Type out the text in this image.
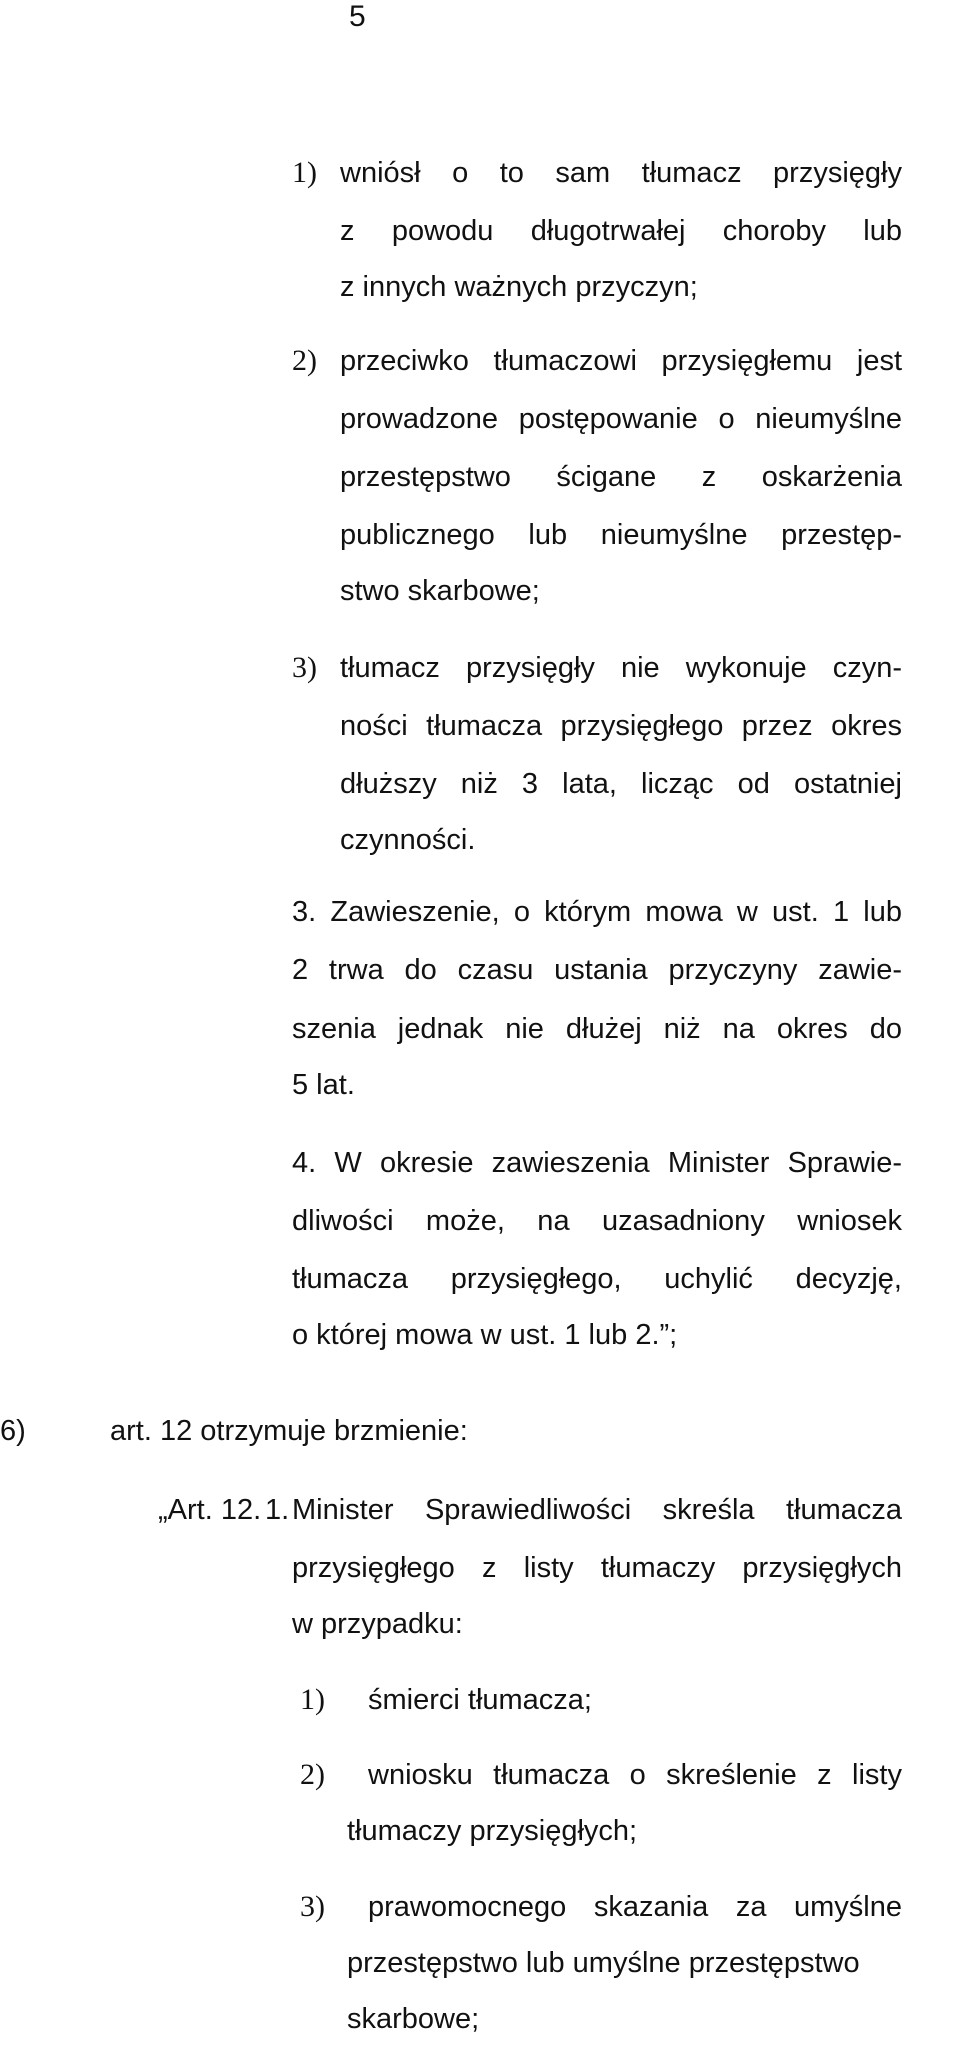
5
1) wniósł o to sam tłumacz przysięgły
z powodu długotrwałej choroby lub
z innych ważnych przyczyn;
2) przeciwko tłumaczowi przysięgłemu jest
prowadzone postępowanie o nieumyślne
przestępstwo ścigane z oskarżenia
publicznego lub nieumyślne przestęp-
stwo skarbowe;
3) tłumacz przysięgły nie wykonuje czyn-
ności tłumacza przysięgłego przez okres
dłuższy niż 3 lata, licząc od ostatniej
czynności.
3. Zawieszenie, o którym mowa w ust. 1 lub
2 trwa do czasu ustania przyczyny zawie-
szenia jednak nie dłużej niż na okres do
5 lat.
4. W okresie zawieszenia Minister Sprawie-
dliwości może, na uzasadniony wniosek
tłumacza przysięgłego, uchylić decyzję,
o której mowa w ust. 1 lub 2.”;
6)	art. 12 otrzymuje brzmienie:
„Art. 12. 1. Minister Sprawiedliwości skreśla tłumacza
przysięgłego z listy tłumaczy przysięgłych
w przypadku:
1) śmierci tłumacza;
2) wniosku tłumacza o skreślenie z listy
tłumaczy przysięgłych;
3) prawomocnego skazania za umyślne
przestępstwo lub umyślne przestępstwo
skarbowe;
